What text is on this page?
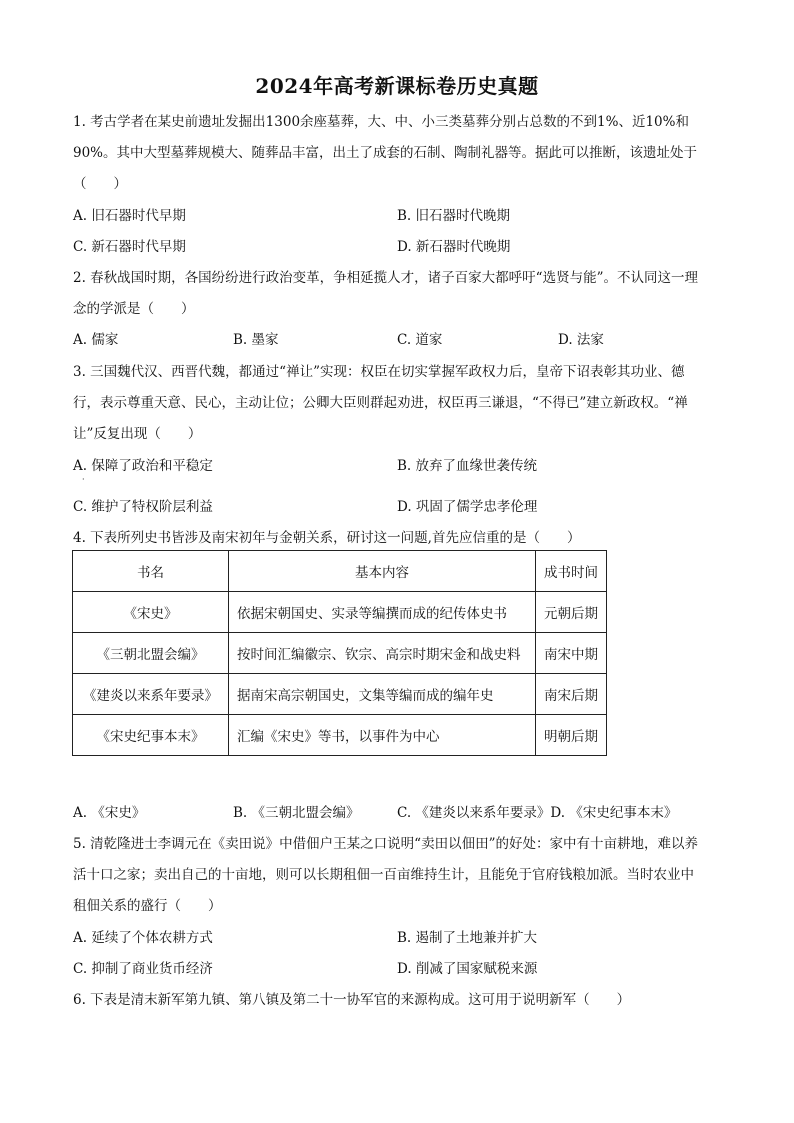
2024年高考新课标卷历史真题
1. 考古学者在某史前遗址发掘出1300余座墓葬，大、中、小三类墓葬分别占总数的不到1%、近10%和
90%。其中大型墓葬规模大、随葬品丰富，出土了成套的石制、陶制礼器等。据此可以推断，该遗址处于
（　　）
A. 旧石器时代早期	B. 旧石器时代晚期
C. 新石器时代早期	D. 新石器时代晚期
2. 春秋战国时期，各国纷纷进行政治变革，争相延揽人才，诸子百家大都呼吁“选贤与能”。不认同这一理
念的学派是（　　）
A. 儒家	B. 墨家	C. 道家	D. 法家
3. 三国魏代汉、西晋代魏，都通过“禅让”实现：权臣在切实掌握军政权力后，皇帝下诏表彰其功业、德
行，表示尊重天意、民心，主动让位；公卿大臣则群起劝进，权臣再三谦退，“不得已”建立新政权。“禅
让”反复出现（　　）
A. 保障了政治和平稳定	B. 放弃了血缘世袭传统
·
C. 维护了特权阶层利益	D. 巩固了儒学忠孝伦理
4. 下表所列史书皆涉及南宋初年与金朝关系，研讨这一问题,首先应信重的是（　　）
书名	基本内容	成书时间
《宋史》	依据宋朝国史、实录等编撰而成的纪传体史书	元朝后期
《三朝北盟会编》	按时间汇编徽宗、钦宗、高宗时期宋金和战史料	南宋中期
《建炎以来系年要录》	据南宋高宗朝国史，文集等编而成的编年史	南宋后期
《宋史纪事本末》	汇编《宋史》等书，以事件为中心	明朝后期
A. 《宋史》	B. 《三朝北盟会编》	C. 《建炎以来系年要录》D. 《宋史纪事本末》
5. 清乾隆进士李调元在《卖田说》中借佃户王某之口说明“卖田以佃田”的好处：家中有十亩耕地，难以养
活十口之家；卖出自己的十亩地，则可以长期租佃一百亩维持生计，且能免于官府钱粮加派。当时农业中
租佃关系的盛行（　　）
A. 延续了个体农耕方式	B. 遏制了土地兼并扩大
C. 抑制了商业货币经济	D. 削减了国家赋税来源
6. 下表是清末新军第九镇、第八镇及第二十一协军官的来源构成。这可用于说明新军（　　）
